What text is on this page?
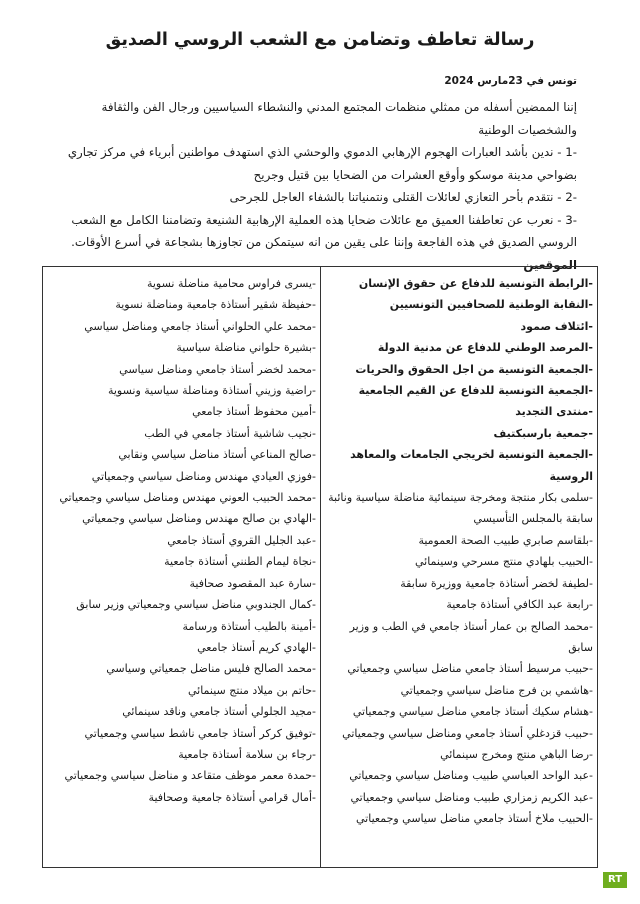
رسالة تعاطف وتضامن مع الشعب الروسي الصديق
تونس في 23مارس 2024

إننا الممضين أسفله من ممثلي منظمات المجتمع المدني والنشطاء السياسيين ورجال الفن والثقافة والشخصيات الوطنية

-1 - ندين بأشد العبارات الهجوم الإرهابي الدموي والوحشي الذي استهدف مواطنين أبرياء في مركز تجاري بضواحي مدينة موسكو وأوقع العشرات من الضحايا بين قتيل وجريح

-2 - نتقدم بأحر التعازي لعائلات القتلى ونتمنياتنا بالشفاء العاجل للجرحى

-3 - نعرب عن تعاطفنا العميق مع عائلات ضحايا هذه العملية الإرهابية الشنيعة وتضامننا الكامل مع الشعب الروسي الصديق في هذه الفاجعة وإننا على يقين من انه سيتمكن من تجاوزها بشجاعة في أسرع الأوقات.

الموقعين

-الرابطة التونسية للدفاع عن حقوق الإنسان
-النقابة الوطنية للصحافيين التونسيين
-ائتلاف صمود
-المرصد الوطني للدفاع عن مدنية الدولة
-الجمعية التونسية من اجل الحقوق والحريات
-الجمعية التونسية للدفاع عن القيم الجامعية
-منتدى التجديد
-جمعية بارسبكتيف
-الجمعية التونسية لخريجي الجامعات والمعاهد الروسية
-سلمى بكار منتجة ومخرجة سينمائية مناضلة سياسية ونائبة سابقة بالمجلس التأسيسي
-بلقاسم صابري طبيب الصحة العمومية
-الحبيب بلهادي منتج مسرحي وسينمائي
-لطيفة لخضر أستاذة جامعية ووزيرة سابقة
-رابعة عبد الكافي أستاذة جامعية
-محمد الصالح بن عمار أستاذ جامعي في الطب و وزير سابق
-حبيب مرسيط أستاذ جامعي مناضل سياسي وجمعياتي
-هاشمي بن فرج مناضل سياسي وجمعياتي
-هشام سكيك أستاذ جامعي مناضل سياسي وجمعياتي
-حبيب قزدغلي أستاذ جامعي ومناضل سياسي وجمعياتي
-رضا الباهي منتج ومخرج سينمائي
-عبد الواحد العباسي طبيب ومناضل سياسي وجمعياتي
-عبد الكريم زمزاري طبيب ومناضل سياسي وجمعياتي
-الحبيب ملاخ أستاذ جامعي مناضل سياسي وجمعياتي
-يسرى فراوس محامية مناضلة نسوية
-حفيظة شقير أستاذة جامعية ومناضلة نسوية
-محمد علي الحلواني أستاذ جامعي ومناضل سياسي
-بشيرة حلواني مناضلة سياسية
-محمد لخضر أستاذ جامعي ومناضل سياسي
-راضية وزيني أستاذة ومناضلة سياسية ونسوية
-أمين محفوظ أستاذ جامعي
-نجيب شاشية أستاذ جامعي في الطب
-صالح المناعي أستاذ مناضل سياسي ونقابي
-فوزي العيادي مهندس ومناضل سياسي وجمعياتي
-محمد الحبيب العوني مهندس ومناضل سياسي وجمعياتي
-الهادي بن صالح مهندس ومناضل سياسي وجمعياتي
-عبد الجليل القروي أستاذ جامعي
-نجاة ليمام الطنني أستاذة جامعية
-سارة عبد المقصود صحافية
-كمال الجندوبي مناضل سياسي وجمعياتي وزير سابق
-أمينة بالطيب أستاذة ورسامة
-الهادي كريم أستاذ جامعي
-محمد الصالح فليس مناضل جمعياتي وسياسي
-حاتم بن ميلاد منتج سينمائي
-مجيد الجلولي أستاذ جامعي وناقد سينمائي
-توفيق كركر أستاذ جامعي ناشط سياسي وجمعياتي
-رجاء بن سلامة أستاذة جامعية
-حمدة معمر موظف متقاعد و مناضل سياسي وجمعياتي
-أمال قرامي أستاذة جامعية وصحافية
RT
